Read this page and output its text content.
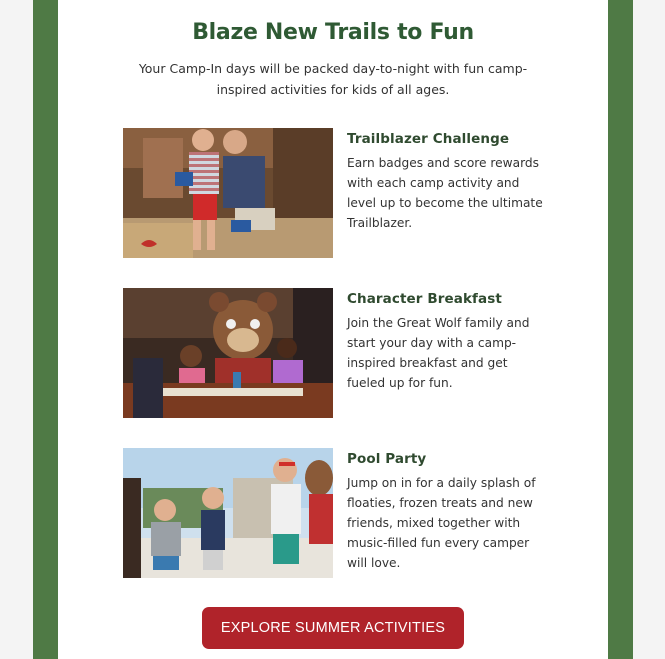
Blaze New Trails to Fun

Your Camp-In days will be packed day-to-night with fun camp-inspired activities for kids of all ages.

Trailblazer Challenge

Earn badges and score rewards with each camp activity and level up to become the ultimate Trailblazer.

Character Breakfast

Join the Great Wolf family and start your day with a camp-inspired breakfast and get fueled up for fun.

Pool Party

Jump on in for a daily splash of floaties, frozen treats and new friends, mixed together with music-filled fun every camper will love.

EXPLORE SUMMER ACTIVITIES
